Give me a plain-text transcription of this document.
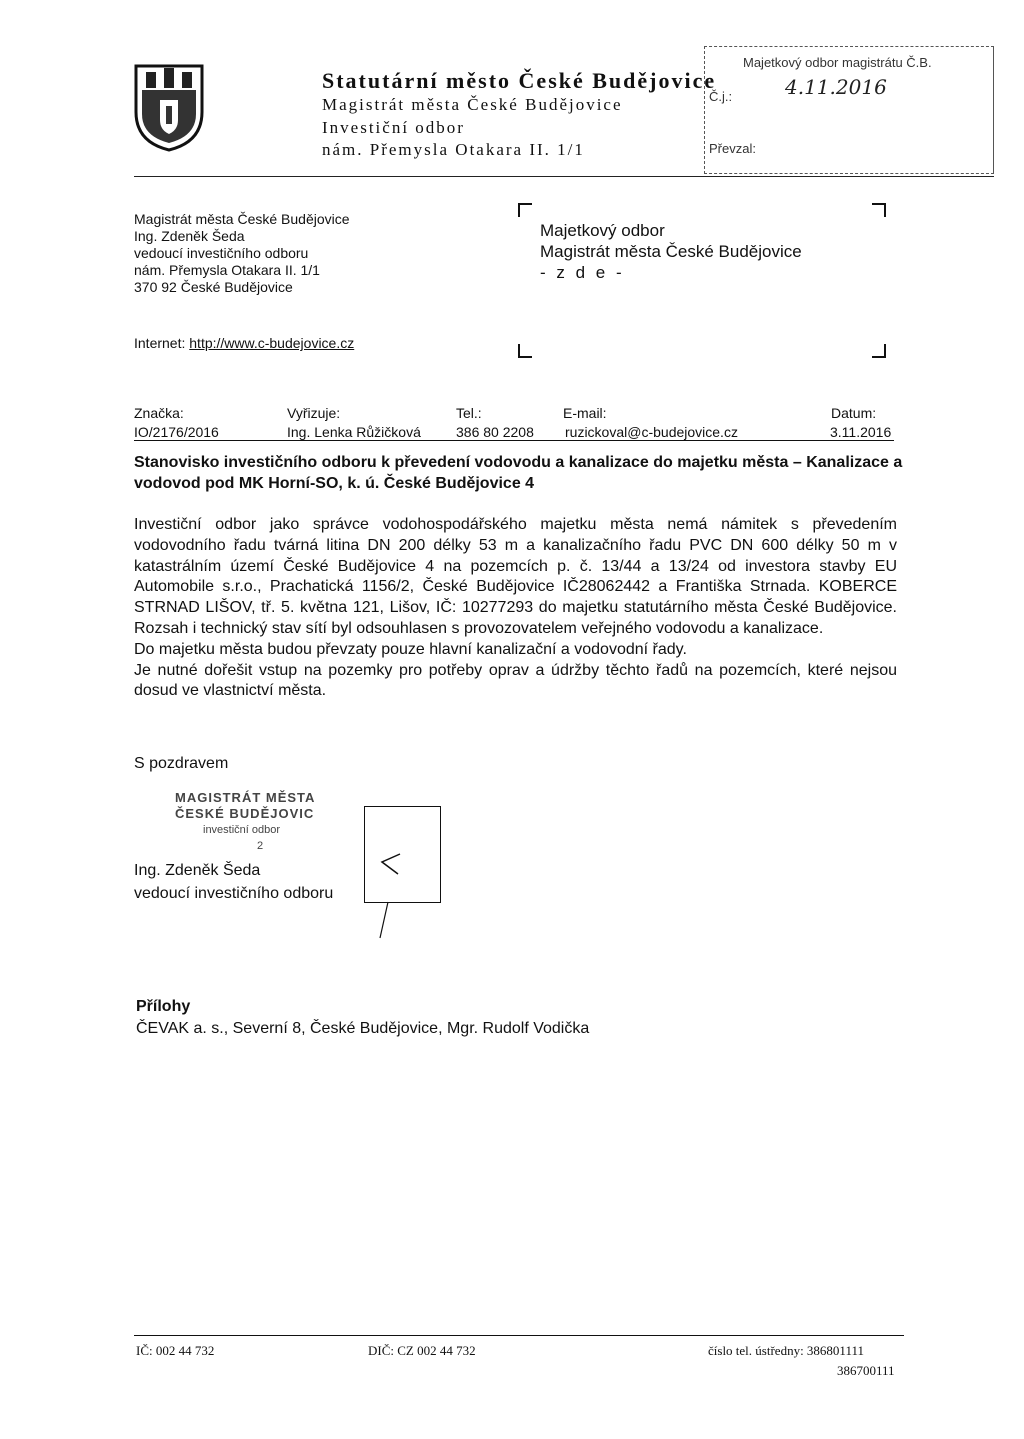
Statutární město České Budějovice
Magistrát města České Budějovice
Investiční odbor
nám. Přemysla Otakara II. 1/1
Majetkový odbor magistrátu Č.B.
4.11.2016
Č.j.:
Převzal:
Magistrát města České Budějovice
Ing. Zdeněk Šeda
vedoucí investičního odboru
nám. Přemysla Otakara II. 1/1
370 92 České Budějovice
Majetkový odbor
Magistrát města České Budějovice
- z d e -
Internet: http://www.c-budejovice.cz
Značka:	Vyřizuje:	Tel.:	E-mail:	Datum:
IO/2176/2016	Ing. Lenka Růžičková	386 80 2208 ruzickoval@c-budejovice.cz	3.11.2016
Stanovisko investičního odboru k převedení vodovodu a kanalizace do majetku města – Kanalizace a vodovod pod MK Horní-SO, k. ú. České Budějovice 4

Investiční odbor jako správce vodohospodářského majetku města nemá námitek s převedením vodovodního řadu tvárná litina DN 200 délky 53 m a kanalizačního řadu PVC DN 600 délky 50 m v katastrálním území České Budějovice 4 na pozemcích p. č. 13/44 a 13/24 od investora stavby EU Automobile s.r.o., Prachatická 1156/2, České Budějovice IČ28062442 a Františka Strnada. KOBERCE STRNAD LIŠOV, tř. 5. května 121, Lišov, IČ: 10277293 do majetku statutárního města České Budějovice. Rozsah i technický stav sítí byl odsouhlasen s provozovatelem veřejného vodovodu a kanalizace.

Do majetku města budou převzaty pouze hlavní kanalizační a vodovodní řady.

Je nutné dořešit vstup na pozemky pro potřeby oprav a údržby těchto řadů na pozemcích, které nejsou dosud ve vlastnictví města.

S pozdravem
MAGISTRÁT MĚSTA
ČESKÉ BUDĚJOVIC
investiční odbor
2
Ing. Zdeněk Šeda
vedoucí investičního odboru
Přílohy
ČEVAK a. s., Severní 8, České Budějovice, Mgr. Rudolf Vodička
IČ: 002 44 732	DIČ: CZ 002 44 732	číslo tel. ústředny: 386801111
386700111
